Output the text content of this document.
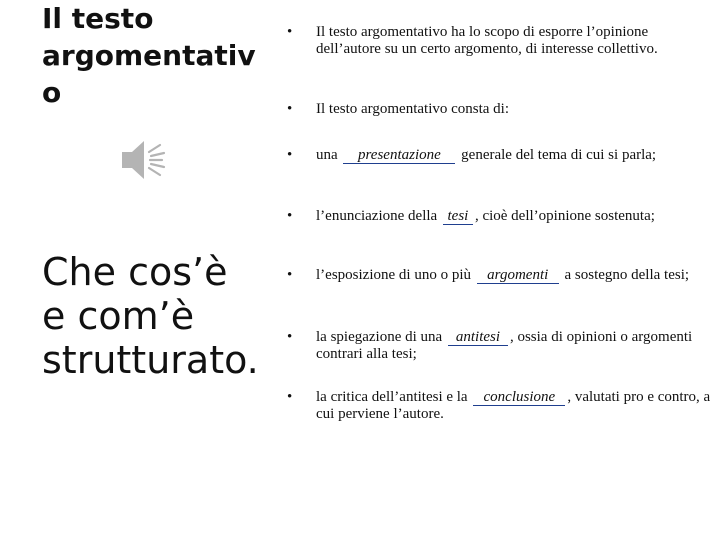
Il testo
argomentativ
o
Che cos’è
e com’è
strutturato.
•	Il testo argomentativo ha lo scopo di esporre l’opinione dell’autore su un certo argomento, di interesse collettivo.
•	Il testo argomentativo consta di:
•	una presentazione generale del tema di cui si parla;
•	l’enunciazione della tesi , cioè dell’opinione sostenuta;
•	l’esposizione di uno o più argomenti a sostegno della tesi;
•	la spiegazione di una antitesi , ossia di opinioni o argomenti contrari alla tesi;
•	la critica dell’antitesi e la conclusione , valutati pro e contro, a cui perviene l’autore.
